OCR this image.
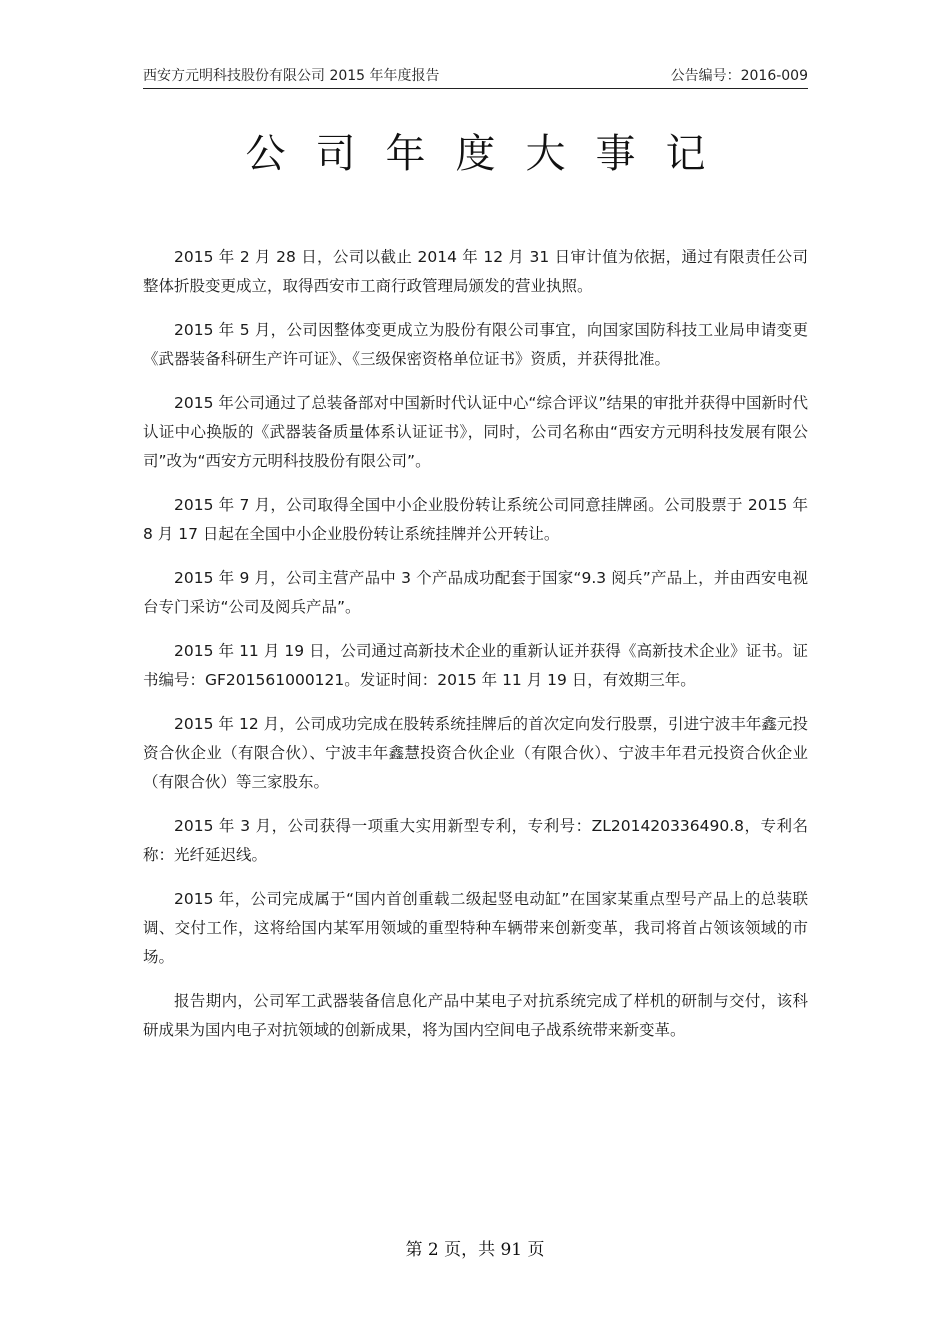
西安方元明科技股份有限公司 2015 年年度报告	公告编号：2016-009
公司年度大事记

2015 年 2 月 28 日，公司以截止 2014 年 12 月 31 日审计值为依据，通过有限责任公司整体折股变更成立，取得西安市工商行政管理局颁发的营业执照。

2015 年 5 月，公司因整体变更成立为股份有限公司事宜，向国家国防科技工业局申请变更《武器装备科研生产许可证》、《三级保密资格单位证书》资质，并获得批准。

2015 年公司通过了总装备部对中国新时代认证中心“综合评议”结果的审批并获得中国新时代认证中心换版的《武器装备质量体系认证证书》，同时，公司名称由“西安方元明科技发展有限公司”改为“西安方元明科技股份有限公司”。

2015 年 7 月，公司取得全国中小企业股份转让系统公司同意挂牌函。公司股票于 2015 年 8 月 17 日起在全国中小企业股份转让系统挂牌并公开转让。

2015 年 9 月，公司主营产品中 3 个产品成功配套于国家“9.3 阅兵”产品上，并由西安电视台专门采访“公司及阅兵产品”。

2015 年 11 月 19 日，公司通过高新技术企业的重新认证并获得《高新技术企业》证书。证书编号：GF201561000121。发证时间：2015 年 11 月 19 日，有效期三年。

2015 年 12 月，公司成功完成在股转系统挂牌后的首次定向发行股票，引进宁波丰年鑫元投资合伙企业（有限合伙）、宁波丰年鑫慧投资合伙企业（有限合伙）、宁波丰年君元投资合伙企业（有限合伙）等三家股东。

2015 年 3 月，公司获得一项重大实用新型专利，专利号：ZL201420336490.8，专利名称：光纤延迟线。

2015 年，公司完成属于“国内首创重载二级起竖电动缸”在国家某重点型号产品上的总装联调、交付工作，这将给国内某军用领域的重型特种车辆带来创新变革，我司将首占领该领域的市场。

报告期内，公司军工武器装备信息化产品中某电子对抗系统完成了样机的研制与交付，该科研成果为国内电子对抗领域的创新成果，将为国内空间电子战系统带来新变革。

第 2 页，共 91 页
